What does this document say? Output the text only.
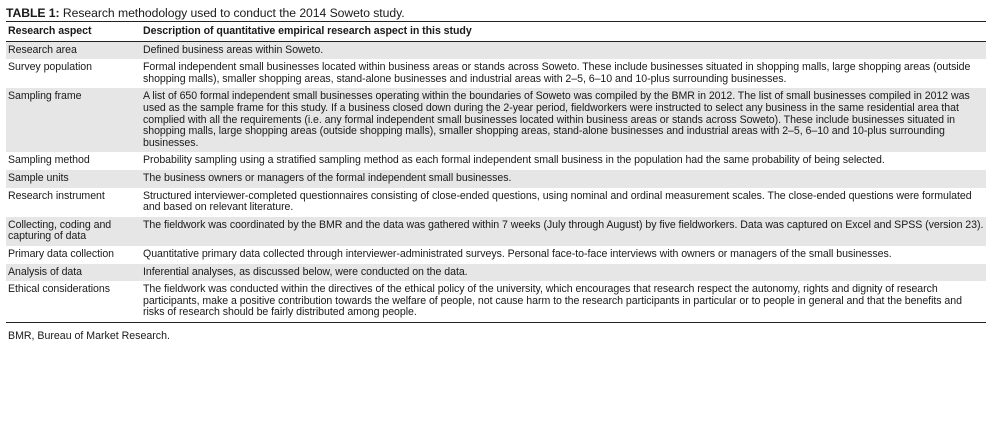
TABLE 1: Research methodology used to conduct the 2014 Soweto study.
Research aspect	Description of quantitative empirical research aspect in this study
Research area	Defined business areas within Soweto.
Survey population	Formal independent small businesses located within business areas or stands across Soweto. These include businesses situated in shopping malls, large shopping areas (outside shopping malls), smaller shopping areas, stand-alone businesses and industrial areas with 2–5, 6–10 and 10-plus surrounding businesses.
Sampling frame	A list of 650 formal independent small businesses operating within the boundaries of Soweto was compiled by the BMR in 2012. The list of small businesses compiled in 2012 was used as the sample frame for this study. If a business closed down during the 2-year period, fieldworkers were instructed to select any business in the same residential area that complied with all the requirements (i.e. any formal independent small businesses located within business areas or stands across Soweto). These include businesses situated in shopping malls, large shopping areas (outside shopping malls), smaller shopping areas, stand-alone businesses and industrial areas with 2–5, 6–10 and 10-plus surrounding businesses.
Sampling method	Probability sampling using a stratified sampling method as each formal independent small business in the population had the same probability of being selected.
Sample units	The business owners or managers of the formal independent small businesses.
Research instrument	Structured interviewer-completed questionnaires consisting of close-ended questions, using nominal and ordinal measurement scales. The close-ended questions were formulated and based on relevant literature.
Collecting, coding and capturing of data	The fieldwork was coordinated by the BMR and the data was gathered within 7 weeks (July through August) by five fieldworkers. Data was captured on Excel and SPSS (version 23).
Primary data collection	Quantitative primary data collected through interviewer-administrated surveys. Personal face-to-face interviews with owners or managers of the small businesses.
Analysis of data	Inferential analyses, as discussed below, were conducted on the data.
Ethical considerations	The fieldwork was conducted within the directives of the ethical policy of the university, which encourages that research respect the autonomy, rights and dignity of research participants, make a positive contribution towards the welfare of people, not cause harm to the research participants in particular or to people in general and that the benefits and risks of research should be fairly distributed among people.
BMR, Bureau of Market Research.
